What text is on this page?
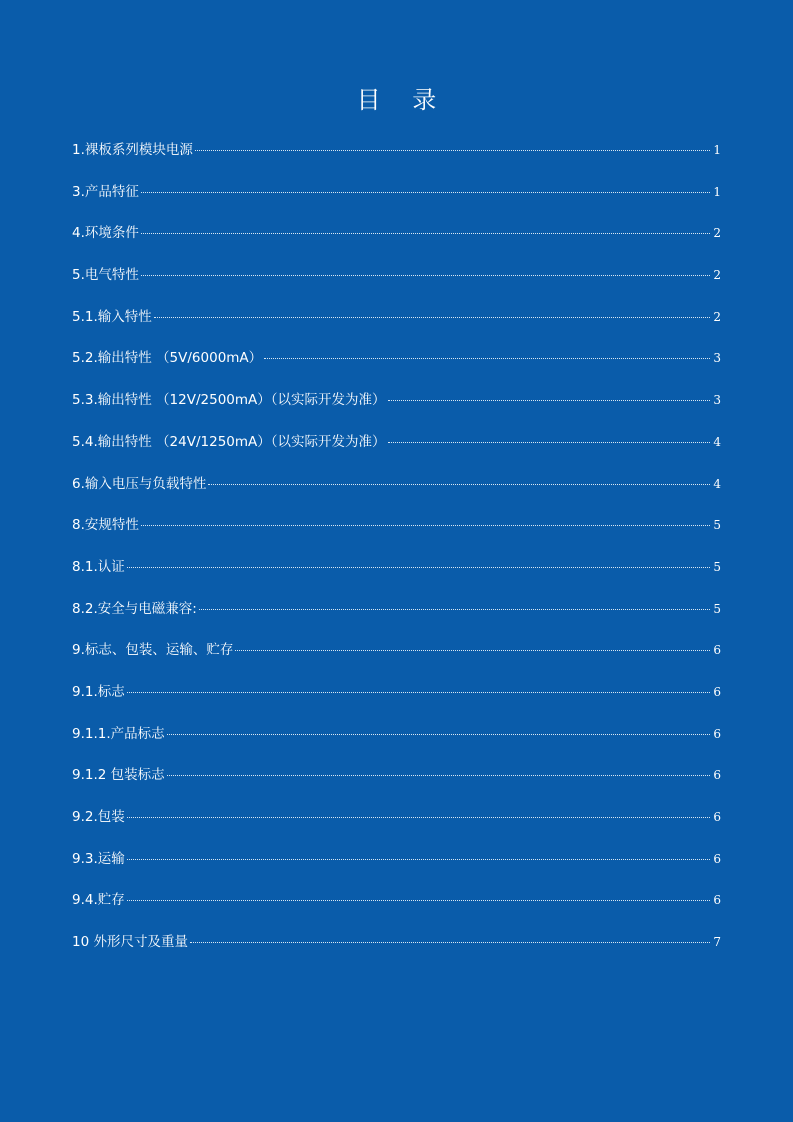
目 录
1.裸板系列模块电源	1
3.产品特征	1
4.环境条件	2
5.电气特性	2
5.1.输入特性	2
5.2.输出特性 （5V/6000mA）	3
5.3.输出特性 （12V/2500mA）（以实际开发为准）	3
5.4.输出特性 （24V/1250mA）（以实际开发为准）	4
6.输入电压与负载特性	4
8.安规特性	5
8.1.认证	5
8.2.安全与电磁兼容:	5
9.标志、包装、运输、贮存	6
9.1.标志	6
9.1.1.产品标志	6
9.1.2 包装标志	6
9.2.包装	6
9.3.运输	6
9.4.贮存	6
10 外形尺寸及重量	7
